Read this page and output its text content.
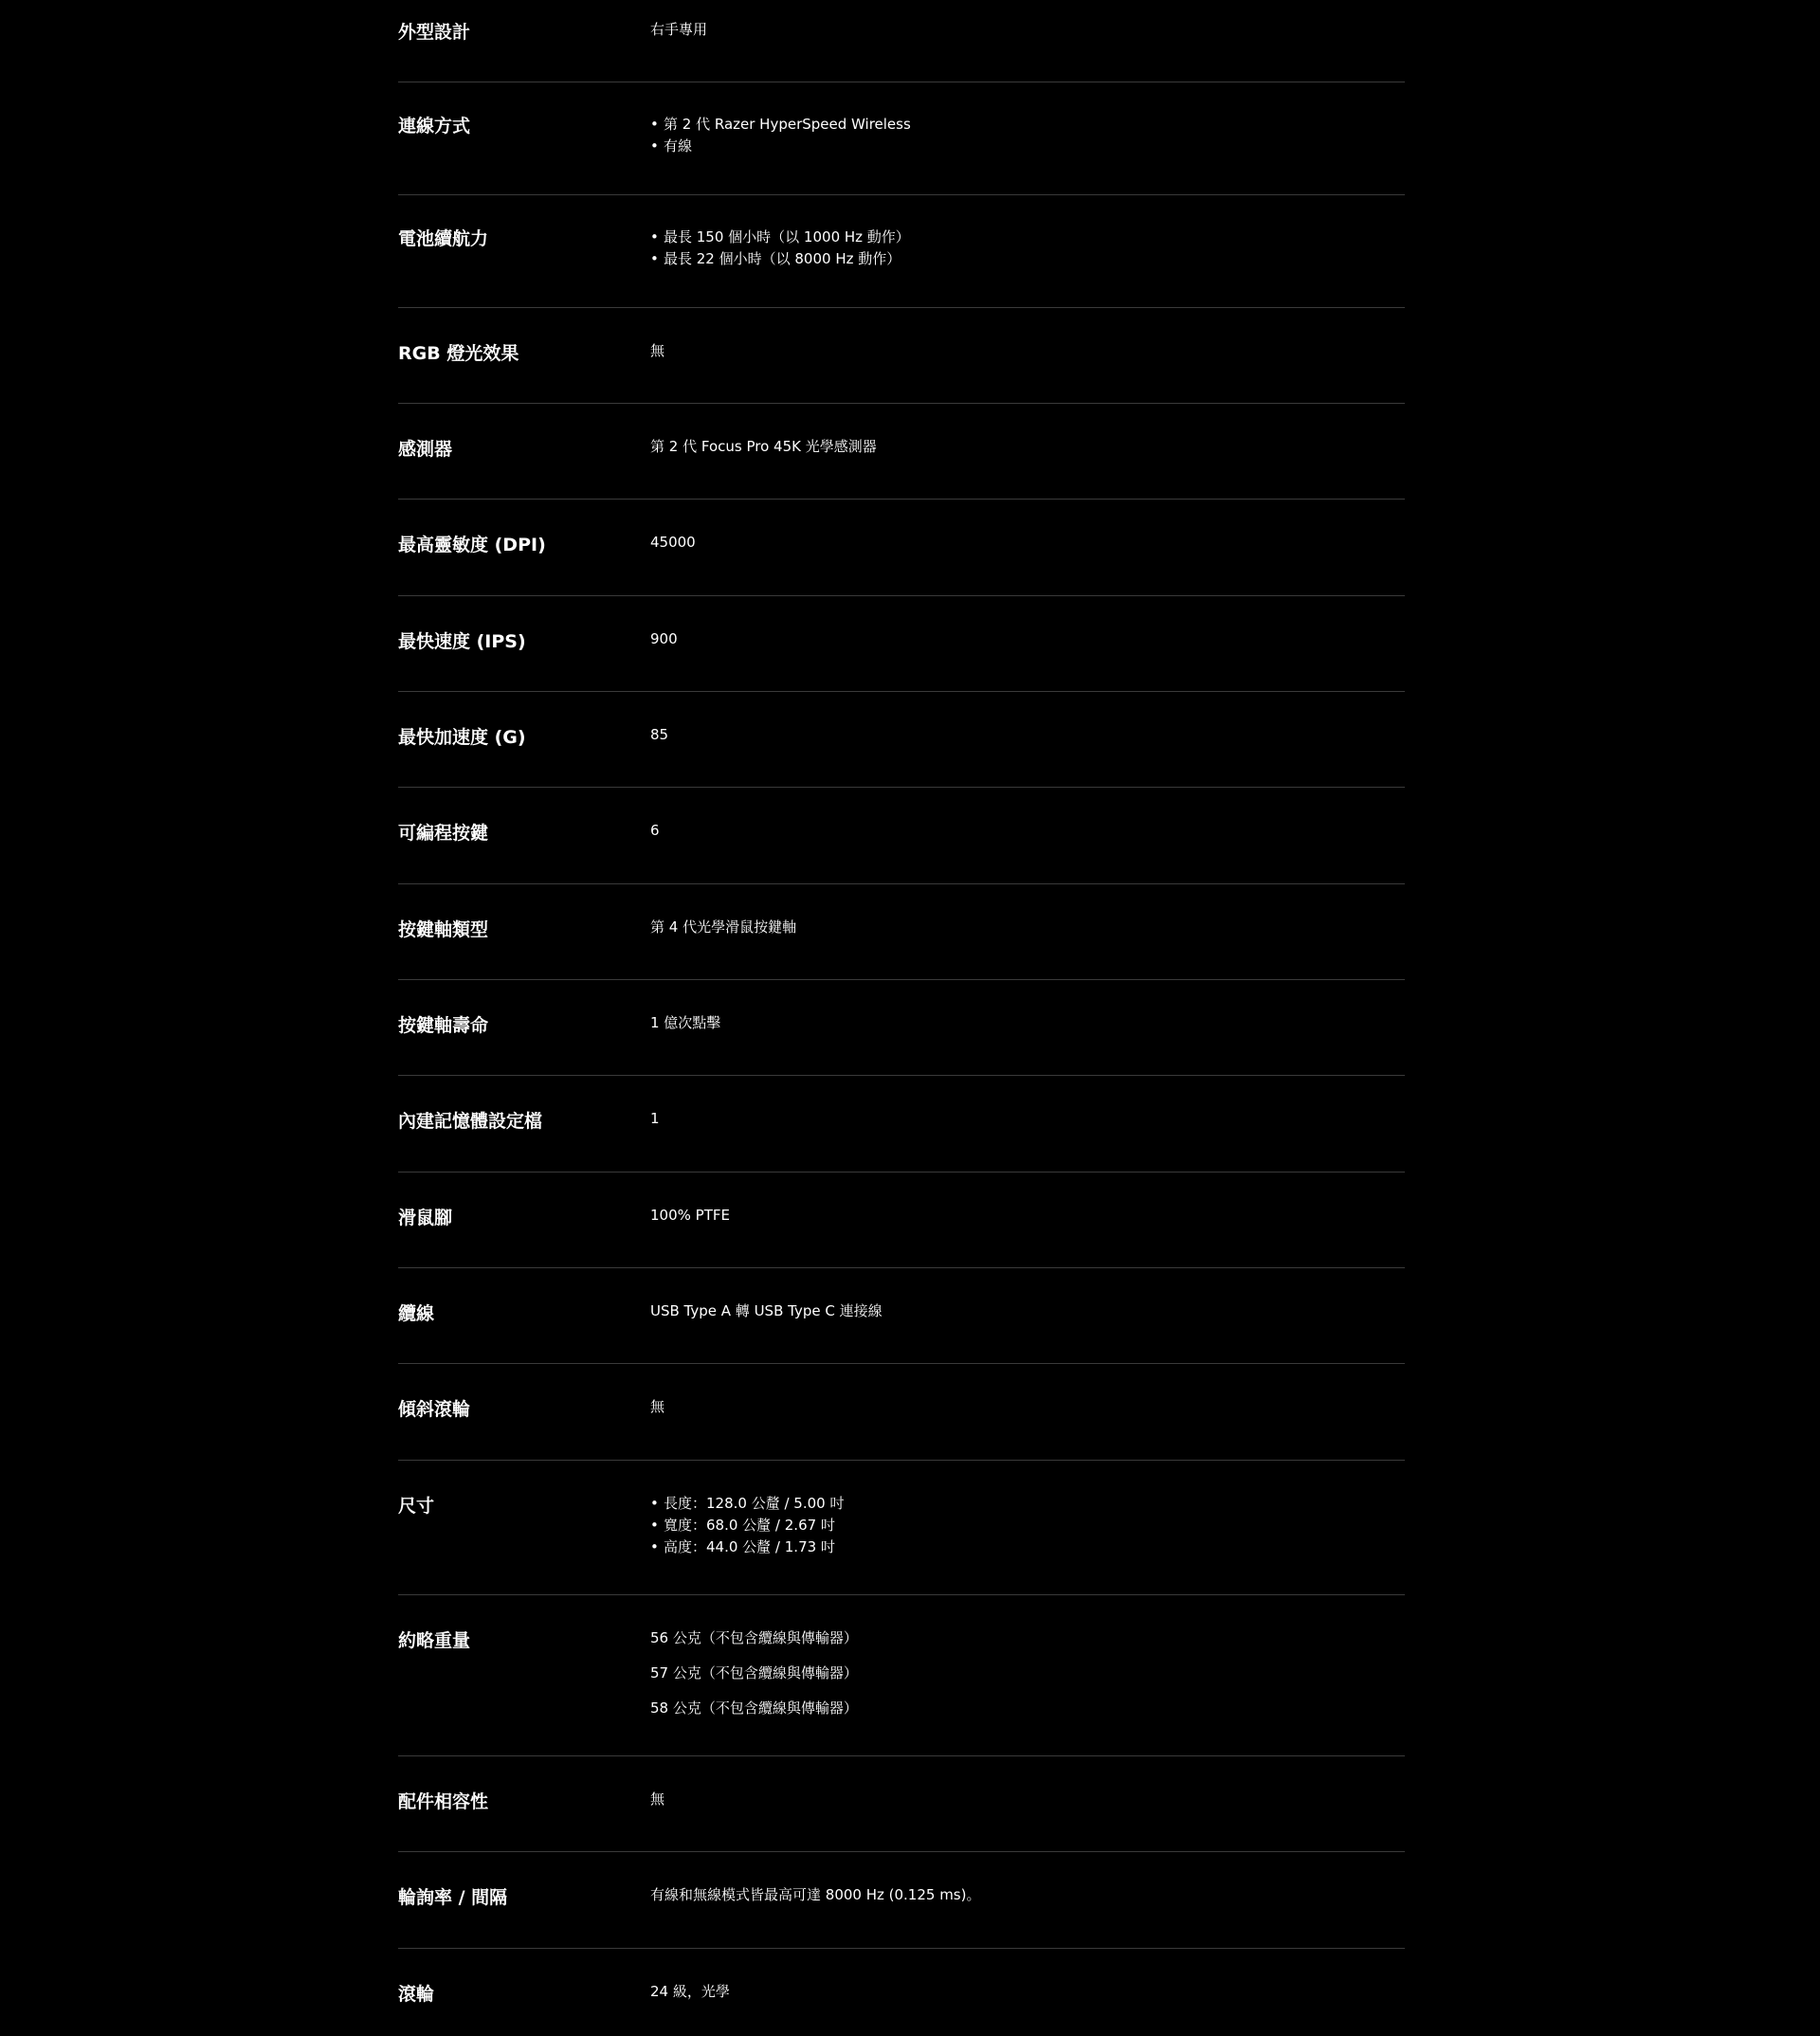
外型設計	右手專用
連線方式	• 第 2 代 Razer HyperSpeed Wireless
• 有線
電池續航力	• 最長 150 個小時（以 1000 Hz 動作）
• 最長 22 個小時（以 8000 Hz 動作）
RGB 燈光效果	無
感測器	第 2 代 Focus Pro 45K 光學感測器
最高靈敏度 (DPI)	45000
最快速度 (IPS)	900
最快加速度 (G)	85
可編程按鍵	6
按鍵軸類型	第 4 代光學滑鼠按鍵軸
按鍵軸壽命	1 億次點擊
內建記憶體設定檔	1
滑鼠腳	100% PTFE
纜線	USB Type A 轉 USB Type C 連接線
傾斜滾輪	無
尺寸	• 長度：128.0 公釐 / 5.00 吋
• 寬度：68.0 公釐 / 2.67 吋
• 高度：44.0 公釐 / 1.73 吋
約略重量	56 公克（不包含纜線與傳輸器）

57 公克（不包含纜線與傳輸器）

58 公克（不包含纜線與傳輸器）

配件相容性	無
輪詢率 / 間隔	有線和無線模式皆最高可達 8000 Hz (0.125 ms)。
滾輪	24 級，光學
